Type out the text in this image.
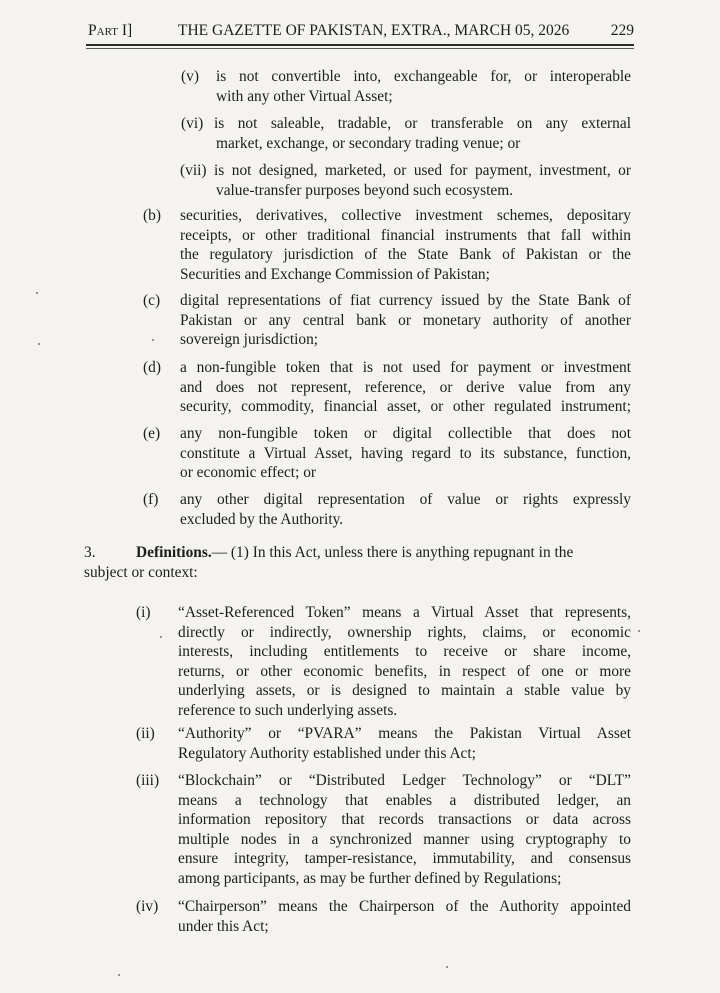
Part I]	THE GAZETTE OF PAKISTAN, EXTRA., MARCH 05, 2026	229
(v) is not convertible into, exchangeable for, or interoperable
with any other Virtual Asset;
(vi) is not saleable, tradable, or transferable on any external
market, exchange, or secondary trading venue; or
(vii) is not designed, marketed, or used for payment, investment, or
value-transfer purposes beyond such ecosystem.
(b) securities, derivatives, collective investment schemes, depositary
receipts, or other traditional financial instruments that fall within
the regulatory jurisdiction of the State Bank of Pakistan or the
Securities and Exchange Commission of Pakistan;
(c) digital representations of fiat currency issued by the State Bank of
Pakistan or any central bank or monetary authority of another
sovereign jurisdiction;
(d) a non-fungible token that is not used for payment or investment
and does not represent, reference, or derive value from any
security, commodity, financial asset, or other regulated instrument;
(e) any non-fungible token or digital collectible that does not
constitute a Virtual Asset, having regard to its substance, function,
or economic effect; or
(f) any other digital representation of value or rights expressly
excluded by the Authority.
3.	Definitions.— (1) In this Act, unless there is anything repugnant in the
subject or context:
(i) “Asset-Referenced Token” means a Virtual Asset that represents,
directly or indirectly, ownership rights, claims, or economic
interests, including entitlements to receive or share income,
returns, or other economic benefits, in respect of one or more
underlying assets, or is designed to maintain a stable value by
reference to such underlying assets.
(ii) “Authority” or “PVARA” means the Pakistan Virtual Asset
Regulatory Authority established under this Act;
(iii) “Blockchain” or “Distributed Ledger Technology” or “DLT”
means a technology that enables a distributed ledger, an
information repository that records transactions or data across
multiple nodes in a synchronized manner using cryptography to
ensure integrity, tamper-resistance, immutability, and consensus
among participants, as may be further defined by Regulations;
(iv) “Chairperson” means the Chairperson of the Authority appointed
under this Act;
